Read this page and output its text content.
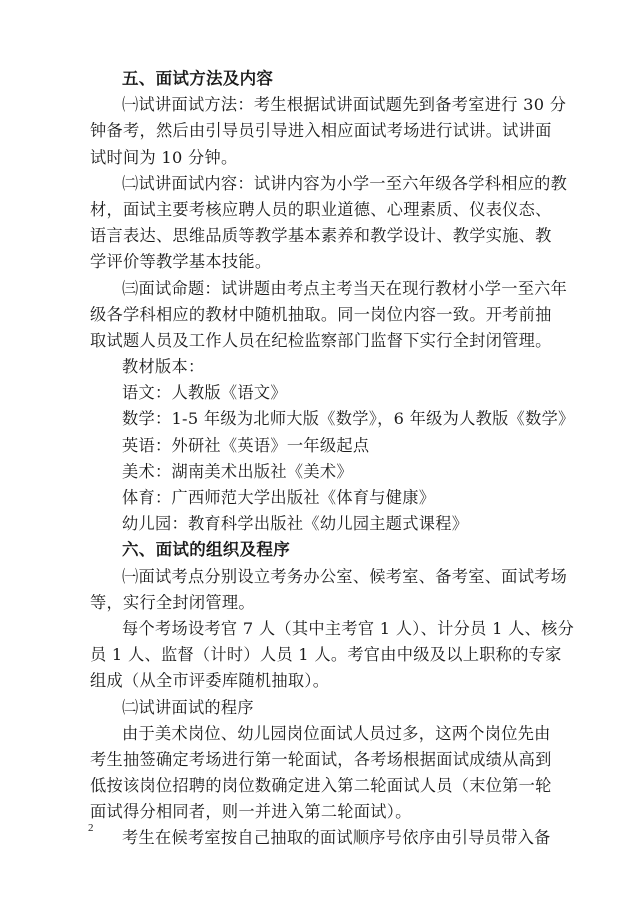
五、面试方法及内容
㈠试讲面试方法：考生根据试讲面试题先到备考室进行 30 分
钟备考，然后由引导员引导进入相应面试考场进行试讲。试讲面
试时间为 10 分钟。
㈡试讲面试内容：试讲内容为小学一至六年级各学科相应的教
材，面试主要考核应聘人员的职业道德、心理素质、仪表仪态、
语言表达、思维品质等教学基本素养和教学设计、教学实施、教
学评价等教学基本技能。
㈢面试命题：试讲题由考点主考当天在现行教材小学一至六年
级各学科相应的教材中随机抽取。同一岗位内容一致。开考前抽
取试题人员及工作人员在纪检监察部门监督下实行全封闭管理。
教材版本：
语文：人教版《语文》
数学：1-5 年级为北师大版《数学》，6 年级为人教版《数学》
英语：外研社《英语》一年级起点
美术：湖南美术出版社《美术》
体育：广西师范大学出版社《体育与健康》
幼儿园：教育科学出版社《幼儿园主题式课程》
六、面试的组织及程序
㈠面试考点分别设立考务办公室、候考室、备考室、面试考场
等，实行全封闭管理。
每个考场设考官 7 人（其中主考官 1 人）、计分员 1 人、核分
员 1 人、监督（计时）人员 1 人。考官由中级及以上职称的专家
组成（从全市评委库随机抽取）。
㈡试讲面试的程序
由于美术岗位、幼儿园岗位面试人员过多，这两个岗位先由
考生抽签确定考场进行第一轮面试，各考场根据面试成绩从高到
低按该岗位招聘的岗位数确定进入第二轮面试人员（末位第一轮
面试得分相同者，则一并进入第二轮面试）。
考生在候考室按自己抽取的面试顺序号依序由引导员带入备
2
